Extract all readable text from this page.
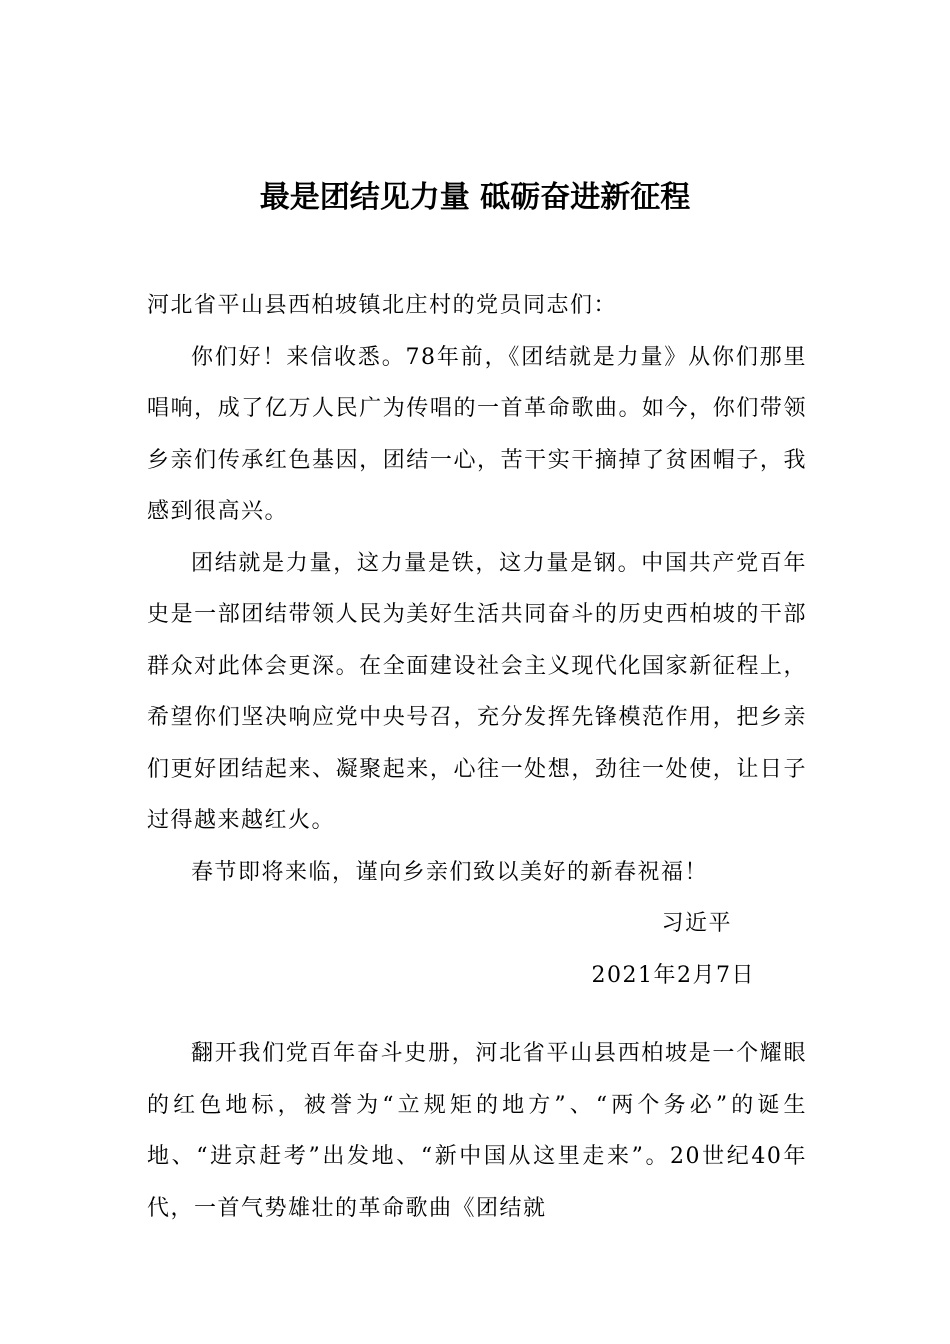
最是团结见力量 砥砺奋进新征程

河北省平山县西柏坡镇北庄村的党员同志们：

你们好！来信收悉。78年前，《团结就是力量》从你们那里唱响，成了亿万人民广为传唱的一首革命歌曲。如今，你们带领乡亲们传承红色基因，团结一心，苦干实干摘掉了贫困帽子，我感到很高兴。

团结就是力量，这力量是铁，这力量是钢。中国共产党百年史是一部团结带领人民为美好生活共同奋斗的历史西柏坡的干部群众对此体会更深。在全面建设社会主义现代化国家新征程上，希望你们坚决响应党中央号召，充分发挥先锋模范作用，把乡亲们更好团结起来、凝聚起来，心往一处想，劲往一处使，让日子过得越来越红火。

春节即将来临，谨向乡亲们致以美好的新春祝福！

习近平

2021年2月7日

翻开我们党百年奋斗史册，河北省平山县西柏坡是一个耀眼的红色地标，被誉为“立规矩的地方”、“两个务必”的诞生地、“进京赶考”出发地、“新中国从这里走来”。20世纪40年代，一首气势雄壮的革命歌曲《团结就
